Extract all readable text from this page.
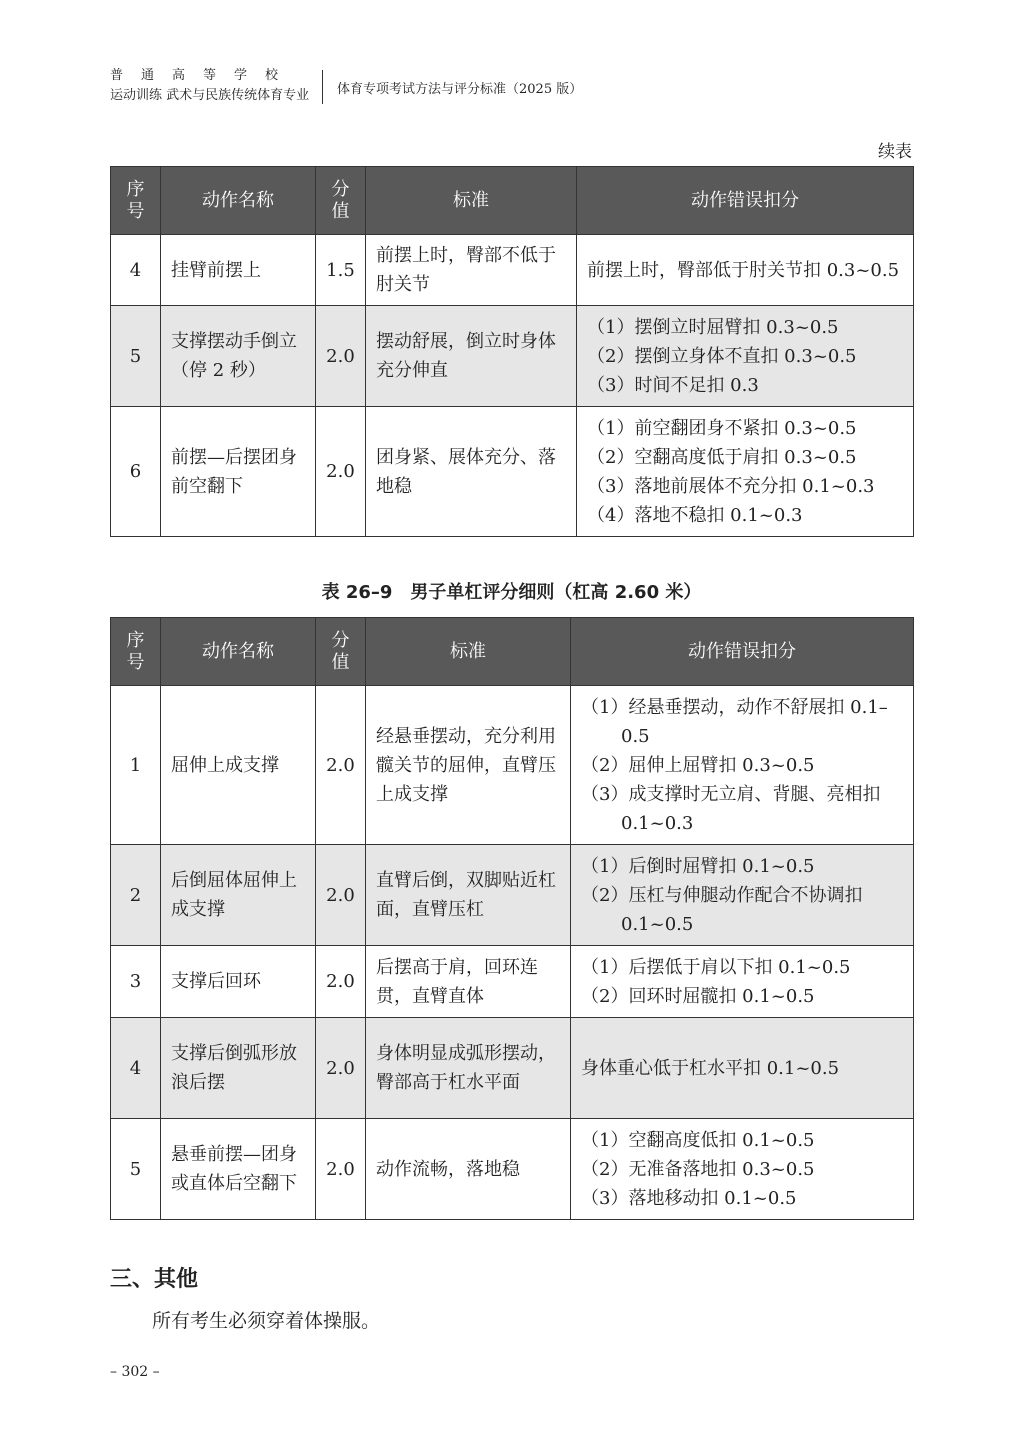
普通高等学校
运动训练 武术与民族传统体育专业 体育专项考试方法与评分标准（2025 版）
续表
序号	动作名称	分值	标准	动作错误扣分
4	挂臂前摆上	1.5	前摆上时，臀部不低于肘关节	前摆上时，臀部低于肘关节扣 0.3~0.5

5	支撑摆动手倒立（停 2 秒）	2.0	摆动舒展，倒立时身体充分伸直	（1）摆倒立时屈臂扣 0.3~0.5
（2）摆倒立身体不直扣 0.3~0.5
（3）时间不足扣 0.3

6	前摆—后摆团身前空翻下	2.0	团身紧、展体充分、落地稳	（1）前空翻团身不紧扣 0.3~0.5
（2）空翻高度低于肩扣 0.3~0.5
（3）落地前展体不充分扣 0.1~0.3
（4）落地不稳扣 0.1~0.3
表 26–9　男子单杠评分细则（杠高 2.60 米）
序号	动作名称	分值	标准	动作错误扣分
1	屈伸上成支撑	2.0	经悬垂摆动，充分利用髋关节的屈伸，直臂压上成支撑	（1）经悬垂摆动，动作不舒展扣 0.1–0.5
（2）屈伸上屈臂扣 0.3~0.5
（3）成支撑时无立肩、背腿、亮相扣 0.1~0.3

2	后倒屈体屈伸上成支撑	2.0	直臂后倒，双脚贴近杠面，直臂压杠	（1）后倒时屈臂扣 0.1~0.5
（2）压杠与伸腿动作配合不协调扣 0.1~0.5

3	支撑后回环	2.0	后摆高于肩，回环连贯，直臂直体	（1）后摆低于肩以下扣 0.1~0.5
（2）回环时屈髋扣 0.1~0.5

4	支撑后倒弧形放浪后摆	2.0	身体明显成弧形摆动，臀部高于杠水平面	身体重心低于杠水平扣 0.1~0.5

5	悬垂前摆—团身或直体后空翻下	2.0	动作流畅，落地稳	（1）空翻高度低扣 0.1~0.5
（2）无准备落地扣 0.3~0.5
（3）落地移动扣 0.1~0.5
三、其他
所有考生必须穿着体操服。
– 302 –
